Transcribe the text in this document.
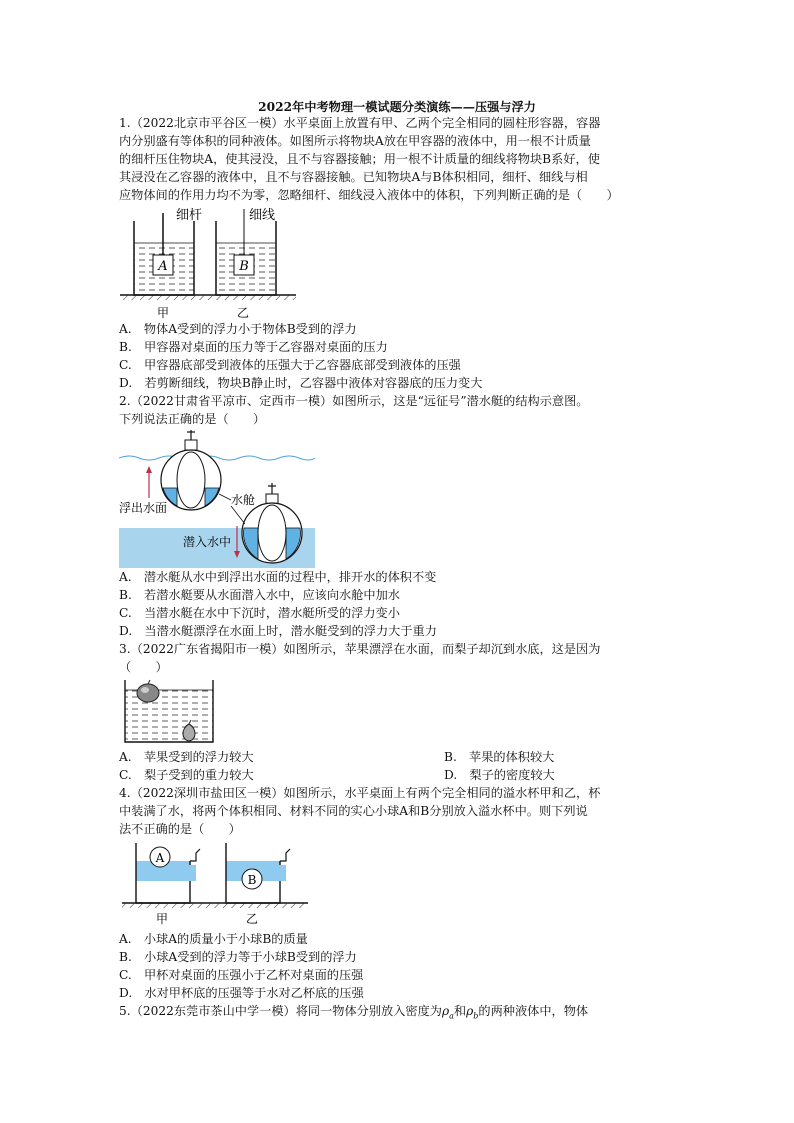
2022年中考物理一模试题分类演练——压强与浮力
1.（2022北京市平谷区一模）水平桌面上放置有甲、乙两个完全相同的圆柱形容器，容器
内分别盛有等体积的同种液体。如图所示将物块A放在甲容器的液体中，用一根不计质量
的细杆压住物块A，使其浸没，且不与容器接触；用一根不计质量的细线将物块B系好，使
其浸没在乙容器的液体中，且不与容器接触。已知物块A与B体积相同，细杆、细线与相
应物体间的作用力均不为零，忽略细杆、细线浸入液体中的体积，下列判断正确的是（　　）
A
细杆
B
细线
甲	乙
A.　物体A受到的浮力小于物体B受到的浮力
B.　甲容器对桌面的压力等于乙容器对桌面的压力
C.　甲容器底部受到液体的压强大于乙容器底部受到液体的压强
D.　若剪断细线，物块B静止时，乙容器中液体对容器底的压力变大
2.（2022甘肃省平凉市、定西市一模）如图所示，这是“远征号”潜水艇的结构示意图。
下列说法正确的是（　　）
浮出水面
水舱
潜入水中
A.　潜水艇从水中到浮出水面的过程中，排开水的体积不变
B.　若潜水艇要从水面潜入水中，应该向水舱中加水
C.　当潜水艇在水中下沉时，潜水艇所受的浮力变小
D.　当潜水艇漂浮在水面上时，潜水艇受到的浮力大于重力
3.（2022广东省揭阳市一模）如图所示，苹果漂浮在水面，而梨子却沉到水底，这是因为
（　　）
A.　苹果受到的浮力较大	B.　苹果的体积较大
C.　梨子受到的重力较大	D.　梨子的密度较大
4.（2022深圳市盐田区一模）如图所示，水平桌面上有两个完全相同的溢水杯甲和乙，杯
中装满了水，将两个体积相同、材料不同的实心小球A和B分别放入溢水杯中。则下列说
法不正确的是（　　）
A
B
甲	乙
A.　小球A的质量小于小球B的质量
B.　小球A受到的浮力等于小球B受到的浮力
C.　甲杯对桌面的压强小于乙杯对桌面的压强
D.　水对甲杯底的压强等于水对乙杯底的压强
5.（2022东莞市茶山中学一模）将同一物体分别放入密度为$\rho_a$和$\rho_b$的两种液体中，物体
